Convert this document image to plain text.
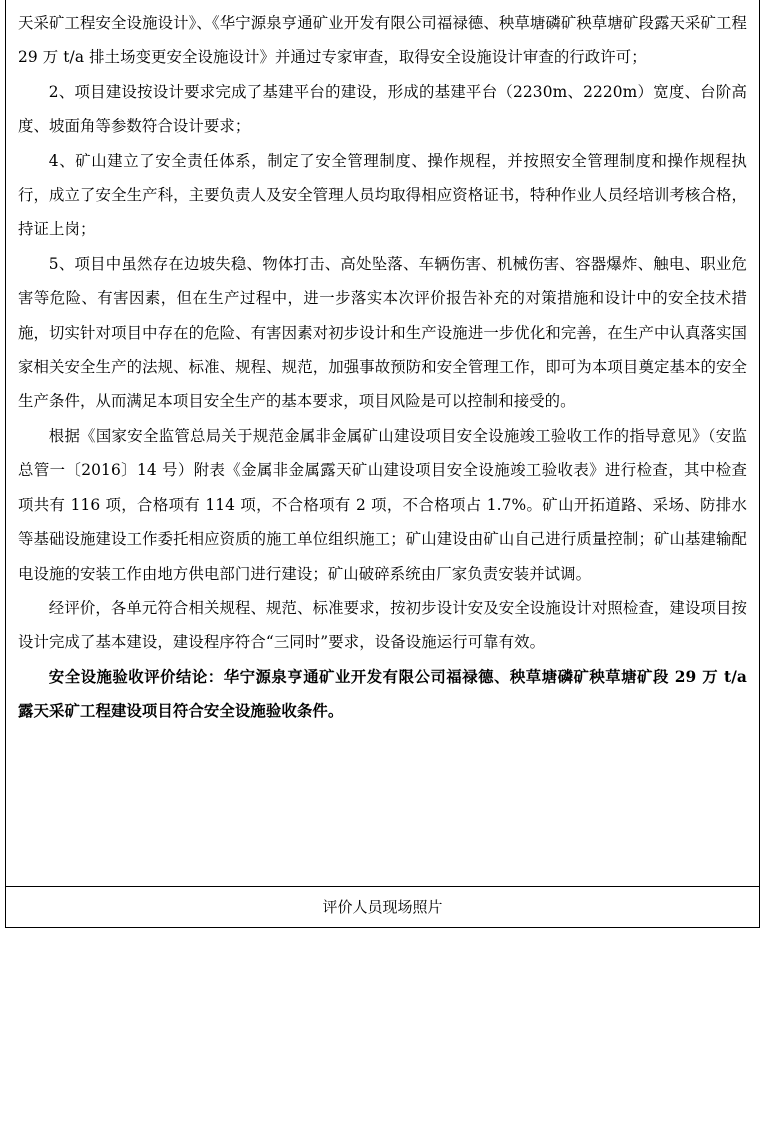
天采矿工程安全设施设计》、《华宁源泉亨通矿业开发有限公司福禄德、秧草塘磷矿秧草塘矿段露天采矿工程 29 万 t/a 排土场变更安全设施设计》并通过专家审查，取得安全设施设计审查的行政许可；

2、项目建设按设计要求完成了基建平台的建设，形成的基建平台（2230m、2220m）宽度、台阶高度、坡面角等参数符合设计要求；

4、矿山建立了安全责任体系，制定了安全管理制度、操作规程，并按照安全管理制度和操作规程执行，成立了安全生产科，主要负责人及安全管理人员均取得相应资格证书，特种作业人员经培训考核合格，持证上岗；

5、项目中虽然存在边坡失稳、物体打击、高处坠落、车辆伤害、机械伤害、容器爆炸、触电、职业危害等危险、有害因素，但在生产过程中，进一步落实本次评价报告补充的对策措施和设计中的安全技术措施，切实针对项目中存在的危险、有害因素对初步设计和生产设施进一步优化和完善，在生产中认真落实国家相关安全生产的法规、标准、规程、规范，加强事故预防和安全管理工作，即可为本项目奠定基本的安全生产条件，从而满足本项目安全生产的基本要求，项目风险是可以控制和接受的。

根据《国家安全监管总局关于规范金属非金属矿山建设项目安全设施竣工验收工作的指导意见》（安监总管一〔2016〕14 号）附表《金属非金属露天矿山建设项目安全设施竣工验收表》进行检查，其中检查项共有 116 项，合格项有 114 项，不合格项有 2 项，不合格项占 1.7%。矿山开拓道路、采场、防排水等基础设施建设工作委托相应资质的施工单位组织施工；矿山建设由矿山自己进行质量控制；矿山基建输配电设施的安装工作由地方供电部门进行建设；矿山破碎系统由厂家负责安装并试调。

经评价，各单元符合相关规程、规范、标准要求，按初步设计安及安全设施设计对照检查，建设项目按设计完成了基本建设，建设程序符合“三同时”要求，设备设施运行可靠有效。

安全设施验收评价结论：华宁源泉亨通矿业开发有限公司福禄德、秧草塘磷矿秧草塘矿段 29 万 t/a 露天采矿工程建设项目符合安全设施验收条件。

评价人员现场照片
